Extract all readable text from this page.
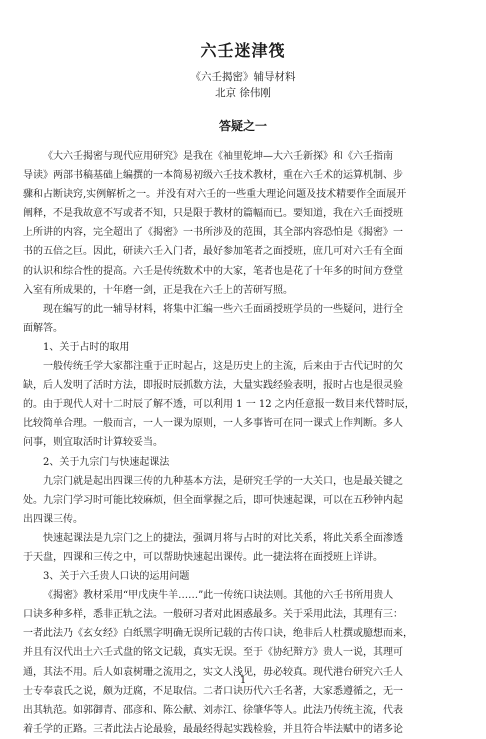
六壬迷津筏
《六壬揭密》辅导材料
北京 徐伟刚
答疑之一
《大六壬揭密与现代应用研究》是我在《袖里乾坤—大六壬新探》和《六壬指南
导读》两部书稿基础上编撰的一本简易初级六壬技术教材，重在六壬术的运算机制、步
骤和占断诀窍,实例解析之一。并没有对六壬的一些重大理论问题及技术精要作全面展开
阐释，不是我故意不写或者不知，只是限于教材的篇幅而已。要知道，我在六壬面授班
上所讲的内容，完全超出了《揭密》一书所涉及的范围，其全部内容恐怕是《揭密》一
书的五倍之巨。因此，研读六壬入门者，最好参加笔者之面授班，庶几可对六壬有全面
的认识和综合性的提高。六壬是传统数术中的大家，笔者也是花了十年多的时间方登堂
入室有所成果的，十年磨一剑，正是我在六壬上的苦研写照。
现在编写的此一辅导材料，将集中汇编一些六壬面函授班学员的一些疑问，进行全
面解答。
1、关于占时的取用
一般传统壬学大家都注重于正时起占，这是历史上的主流，后来由于古代记时的欠
缺，后人发明了活时方法，即报时辰抓数方法，大量实践经验表明，报时占也是很灵验
的。由于现代人对十二时辰了解不透，可以利用 1 一 12 之内任意报一数目来代替时辰，
比较简单合理。一般而言，一人一课为原则，一人多事皆可在同一课式上作判断。多人
问事，则宜取活时计算较妥当。
2、关于九宗门与快速起课法
九宗门就是起出四课三传的九种基本方法，是研究壬学的一大关口，也是最关键之
处。九宗门学习时可能比较麻烦，但全面掌握之后，即可快速起课，可以在五秒钟内起
出四课三传。
快速起课法是九宗门之上的捷法，强调月将与占时的对比关系，将此关系全面渗透
于天盘，四课和三传之中，可以帮助快速起出课传。此一捷法将在面授班上详讲。
3、关于六壬贵人口诀的运用问题
《揭密》教材采用“甲戊庚牛羊……”此一传统口诀法则。其他的六壬书所用贵人
口诀多种多样，悉非正轨之法。一般研习者对此困惑最多。关于采用此法，其理有三：
一者此法乃《玄女经》白纸黑字明确无误所记载的古传口诀，绝非后人杜撰或臆想而来，
并且有汉代出土六壬式盘的铭文记载，真实无误。至于《协纪辩方》贵人一说，其理可
通，其法不用。后人如袁树珊之流用之，实文人浅见，毋必较真。现代港台研究六壬人
士专奉袁氏之说，颇为迂腐，不足取信。二者口诀历代六壬名著，大家悉遵循之，无一
出其轨范。如郭御青、邵彦和、陈公献、刘赤江、徐肇华等人。此法乃传统主流，代表
着壬学的正路。三者此法占论最验，最最经得起实践检验，并且符合毕法赋中的诸多论
1
